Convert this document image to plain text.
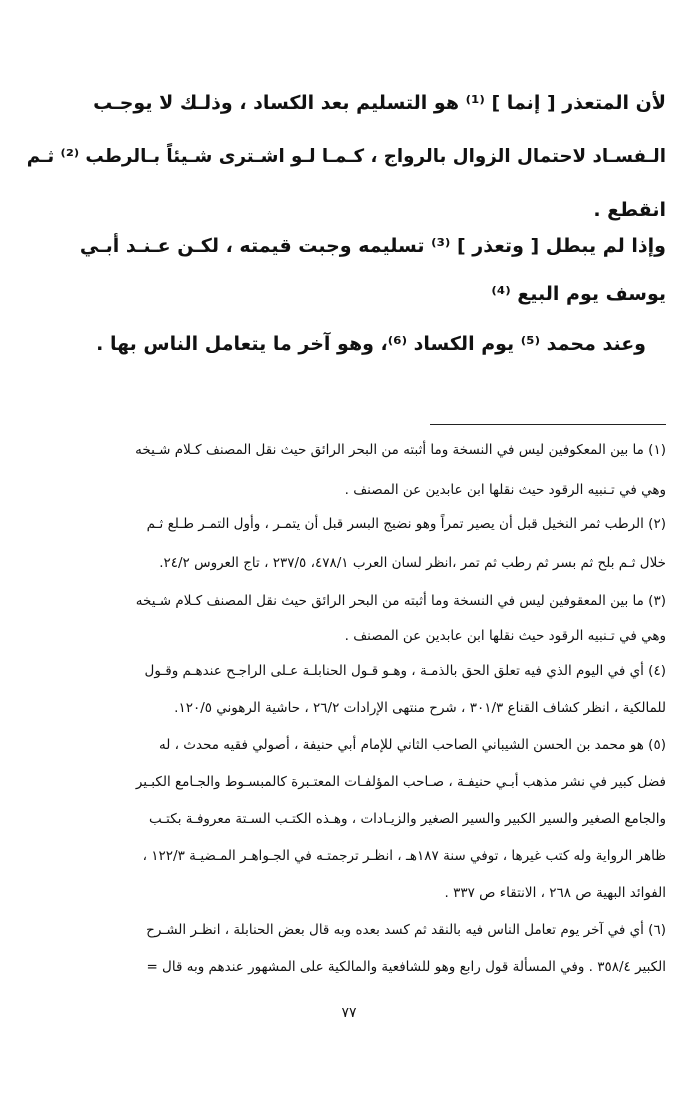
لأن المتعذر [ إنما ] ⁽¹⁾ هو التسليم بعد الكساد ، وذلـك لا يوجـب
الـفسـاد لاحتمال الزوال بالرواج ، كـمـا لـو اشـترى شـيئاً بـالرطب ⁽²⁾ ثـم
انقطع .
وإذا لم يبطل [ وتعذر ] ⁽³⁾ تسليمه وجبت قيمته ، لكـن عـنـد أبـي
يوسف يوم البيع ⁽⁴⁾
وعند محمد ⁽⁵⁾ يوم الكساد ⁽⁶⁾، وهو آخر ما يتعامل الناس بها .
(١) ما بين المعكوفين ليس في النسخة وما أثبته من البحر الرائق حيث نقل المصنف كـلام شـيخه
وهي في تـنبيه الرقود حيث نقلها ابن عابدين عن المصنف .
(٢) الرطب ثمر النخيل قبل أن يصير تمراً وهو نضيج البسر قبل أن يتمـر ، وأول التمـر طـلع ثـم
خلال ثـم بلح ثم بسر ثم رطب ثم تمر ،انظر لسان العرب ٤٧٨/١، ٢٣٧/٥ ، تاج العروس ٢٤/٢.
(٣) ما بين المعقوفين ليس في النسخة وما أثبته من البحر الرائق حيث نقل المصنف كـلام شـيخه
وهي في تـنبيه الرقود حيث نقلها ابن عابدين عن المصنف .
(٤) أي في اليوم الذي فيه تعلق الحق بالذمـة ، وهـو قـول الحنابلـة عـلى الراجـح عندهـم وقـول
للمالكية ، انظر كشاف القناع ٣٠١/٣ ، شرح منتهى الإرادات ٢٦/٢ ، حاشية الرهوني ١٢٠/٥.
(٥) هو محمد بن الحسن الشيباني الصاحب الثاني للإمام أبي حنيفة ، أصولي فقيه محدث ، له
فضل كبير في نشر مذهب أبـي حنيفـة ، صـاحب المؤلفـات المعتـبرة كالمبسـوط والجـامع الكبـير
والجامع الصغير والسير الكبير والسير الصغير والزيـادات ، وهـذه الكتـب السـتة معروفـة بكتـب
ظاهر الرواية وله كتب غيرها ، توفي سنة ١٨٧هـ ، انظـر ترجمتـه في الجـواهـر المـضيـة ١٢٢/٣ ،
الفوائد البهية ص ٢٦٨ ، الانتقاء ص ٣٣٧ .
(٦) أي في آخر يوم تعامل الناس فيه بالنقد ثم كسد بعده وبه قال بعض الحنابلة ، انظـر الشـرح
الكبير ٣٥٨/٤ . وفي المسألة قول رابع وهو للشافعية والمالكية على المشهور عندهم وبه قال =
٧٧
